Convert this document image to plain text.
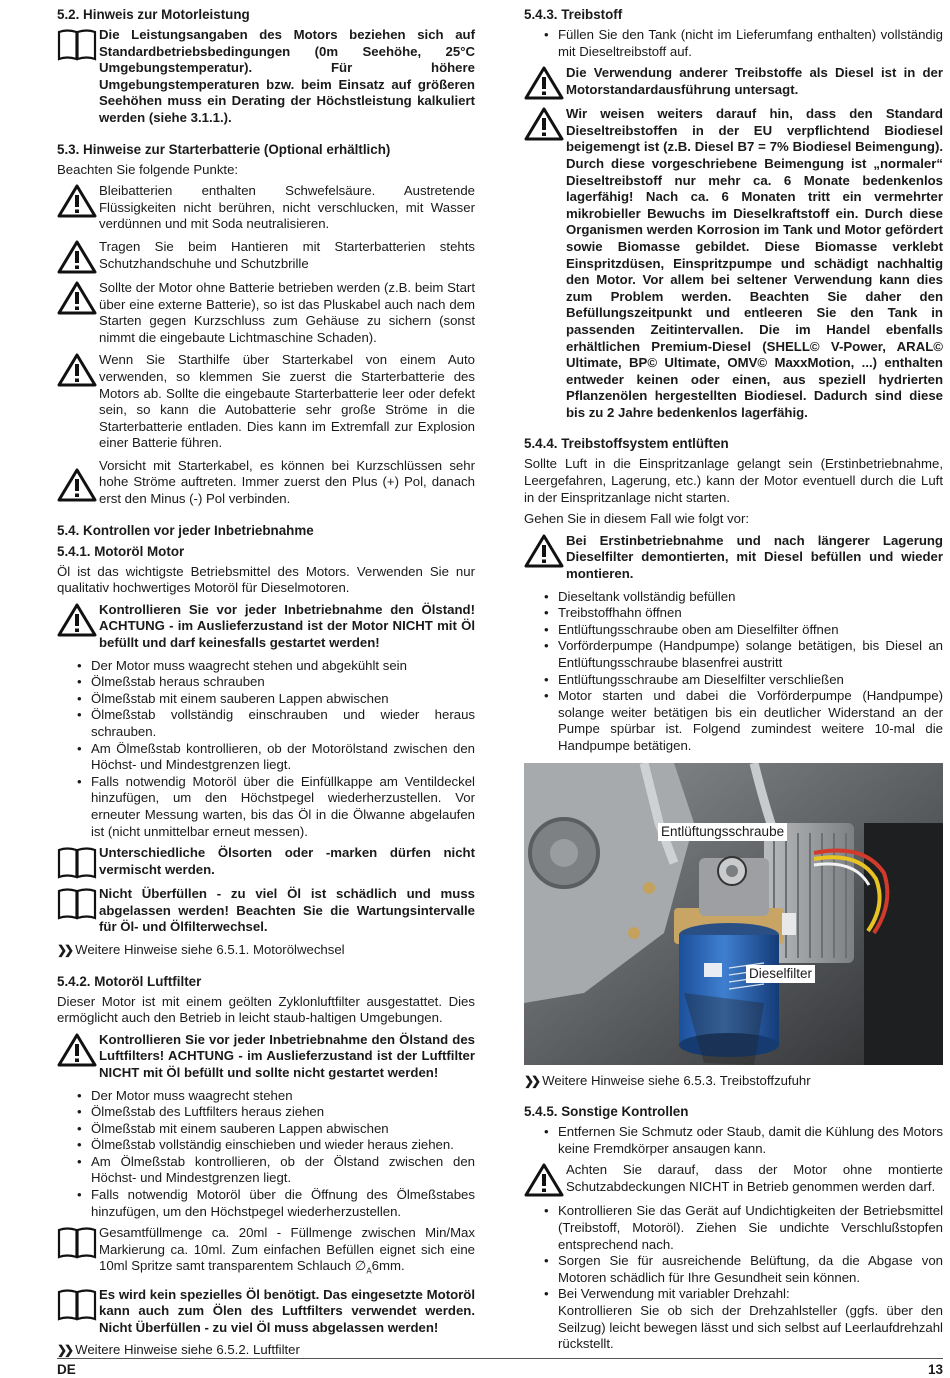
5.2. Hinweis zur Motorleistung
Die Leistungsangaben des Motors beziehen sich auf Standardbetriebsbedingungen (0m Seehöhe, 25°C Umgebungstemperatur). Für höhere Umgebungstemperaturen bzw. beim Einsatz auf größeren Seehöhen muss ein Derating der Höchstleistung kalkuliert werden (siehe 3.1.1.).
5.3. Hinweise zur Starterbatterie (Optional erhältlich)

Beachten Sie folgende Punkte:

Bleibatterien enthalten Schwefelsäure. Austretende Flüssigkeiten nicht berühren, nicht verschlucken, mit Wasser verdünnen und mit Soda neutralisieren.
Tragen Sie beim Hantieren mit Starterbatterien stehts Schutzhandschuhe und Schutzbrille
Sollte der Motor ohne Batterie betrieben werden (z.B. beim Start über eine externe Batterie), so ist das Pluskabel auch nach dem Starten gegen Kurzschluss zum Gehäuse zu sichern (sonst nimmt die eingebaute Lichtmaschine Schaden).
Wenn Sie Starthilfe über Starterkabel von einem Auto verwenden, so klemmen Sie zuerst die Starterbatterie des Motors ab. Sollte die eingebaute Starterbatterie leer oder defekt sein, so kann die Autobatterie sehr große Ströme in die Starterbatterie entladen. Dies kann im Extremfall zur Explosion einer Batterie führen.
Vorsicht mit Starterkabel, es können bei Kurzschlüssen sehr hohe Ströme auftreten. Immer zuerst den Plus (+) Pol, danach erst den Minus (-) Pol verbinden.
5.4. Kontrollen vor jeder Inbetriebnahme
5.4.1. Motoröl Motor

Öl ist das wichtigste Betriebsmittel des Motors. Verwenden Sie nur qualitativ hochwertiges Motoröl für Dieselmotoren.

Kontrollieren Sie vor jeder Inbetriebnahme den Ölstand! ACHTUNG - im Auslieferzustand ist der Motor NICHT mit Öl befüllt und darf keinesfalls gestartet werden!
• Der Motor muss waagrecht stehen und abgekühlt sein
• Ölmeßstab heraus schrauben
• Ölmeßstab mit einem sauberen Lappen abwischen
• Ölmeßstab vollständig einschrauben und wieder heraus schrauben.
• Am Ölmeßstab kontrollieren, ob der Motorölstand zwischen den Höchst- und Mindestgrenzen liegt.
• Falls notwendig Motoröl über die Einfüllkappe am Ventildeckel hinzufügen, um den Höchstpegel wiederherzustellen. Vor erneuter Messung warten, bis das Öl in die Ölwanne abgelaufen ist (nicht unmittelbar erneut messen).
Unterschiedliche Ölsorten oder -marken dürfen nicht vermischt werden.
Nicht Überfüllen - zu viel Öl ist schädlich und muss abgelassen werden! Beachten Sie die Wartungsintervalle für Öl- und Ölfilterwechsel.
❯❯ Weitere Hinweise siehe 6.5.1. Motorölwechsel
5.4.2. Motoröl Luftfilter

Dieser Motor ist mit einem geölten Zyklonluftfilter ausgestattet. Dies ermöglicht auch den Betrieb in leicht staub-haltigen Umgebungen.

Kontrollieren Sie vor jeder Inbetriebnahme den Ölstand des Luftfilters! ACHTUNG - im Auslieferzustand ist der Luftfilter NICHT mit Öl befüllt und sollte nicht gestartet werden!
• Der Motor muss waagrecht stehen
• Ölmeßstab des Luftfilters heraus ziehen
• Ölmeßstab mit einem sauberen Lappen abwischen
• Ölmeßstab vollständig einschieben und wieder heraus ziehen.
• Am Ölmeßstab kontrollieren, ob der Ölstand zwischen den Höchst- und Mindestgrenzen liegt.
• Falls notwendig Motoröl über die Öffnung des Ölmeßstabes hinzufügen, um den Höchstpegel wiederherzustellen.
Gesamtfüllmenge ca. 20ml - Füllmenge zwischen Min/Max Markierung ca. 10ml. Zum einfachen Befüllen eignet sich eine 10ml Spritze samt transparentem Schlauch $\emptyset_A6mm$.
Es wird kein spezielles Öl benötigt. Das eingesetzte Motoröl kann auch zum Ölen des Luftfilters verwendet werden. Nicht Überfüllen - zu viel Öl muss abgelassen werden!
❯❯ Weitere Hinweise siehe 6.5.2. Luftfilter
5.4.3. Treibstoff
• Füllen Sie den Tank (nicht im Lieferumfang enthalten) vollständig mit Dieseltreibstoff auf.
Die Verwendung anderer Treibstoffe als Diesel ist in der Motorstandardausführung untersagt.
Wir weisen weiters darauf hin, dass den Standard Dieseltreibstoffen in der EU verpflichtend Biodiesel beigemengt ist (z.B. Diesel B7 = 7% Biodiesel Beimengung). Durch diese vorgeschriebene Beimengung ist „normaler“ Dieseltreibstoff nur mehr ca. 6 Monate bedenkenlos lagerfähig! Nach ca. 6 Monaten tritt ein vermehrter mikrobieller Bewuchs im Dieselkraftstoff ein. Durch diese Organismen werden Korrosion im Tank und Motor gefördert sowie Biomasse gebildet. Diese Biomasse verklebt Einspritzdüsen, Einspritzpumpe und schädigt nachhaltig den Motor. Vor allem bei seltener Verwendung kann dies zum Problem werden. Beachten Sie daher den Befüllungszeitpunkt und entleeren Sie den Tank in passenden Zeitintervallen. Die im Handel ebenfalls erhältlichen Premium-Diesel (SHELL© V-Power, ARAL© Ultimate, BP© Ultimate, OMV© MaxxMotion, ...) enthalten entweder keinen oder einen, aus speziell hydrierten Pflanzenölen hergestellten Biodiesel. Dadurch sind diese bis zu 2 Jahre bedenkenlos lagerfähig.
5.4.4. Treibstoffsystem entlüften

Sollte Luft in die Einspritzanlage gelangt sein (Erstinbetriebnahme, Leergefahren, Lagerung, etc.) kann der Motor eventuell durch die Luft in der Einspritzanlage nicht starten.

Gehen Sie in diesem Fall wie folgt vor:

Bei Erstinbetriebnahme und nach längerer Lagerung Dieselfilter demontierten, mit Diesel befüllen und wieder montieren.
• Dieseltank vollständig befüllen
• Treibstoffhahn öffnen
• Entlüftungsschraube oben am Dieselfilter öffnen
• Vorförderpumpe (Handpumpe) solange betätigen, bis Diesel an Entlüftungsschraube blasenfrei austritt
• Entlüftungsschraube am Dieselfilter verschließen
• Motor starten und dabei die Vorförderpumpe (Handpumpe) solange weiter betätigen bis ein deutlicher Widerstand an der Pumpe spürbar ist. Folgend zumindest weitere 10-mal die Handpumpe betätigen.
Entlüftungsschraube
Dieselfilter
❯❯ Weitere Hinweise siehe 6.5.3. Treibstoffzufuhr
5.4.5. Sonstige Kontrollen
• Entfernen Sie Schmutz oder Staub, damit die Kühlung des Motors keine Fremdkörper ansaugen kann.
Achten Sie darauf, dass der Motor ohne montierte Schutzabdeckungen NICHT in Betrieb genommen werden darf.
• Kontrollieren Sie das Gerät auf Undichtigkeiten der Betriebsmittel (Treibstoff, Motoröl). Ziehen Sie undichte Verschlußstopfen entsprechend nach.
• Sorgen Sie für ausreichende Belüftung, da die Abgase von Motoren schädlich für Ihre Gesundheit sein können.
• Bei Verwendung mit variabler Drehzahl:
Kontrollieren Sie ob sich der Drehzahlsteller (ggfs. über den Seilzug) leicht bewegen lässt und sich selbst auf Leerlaufdrehzahl rückstellt.
DE	13
